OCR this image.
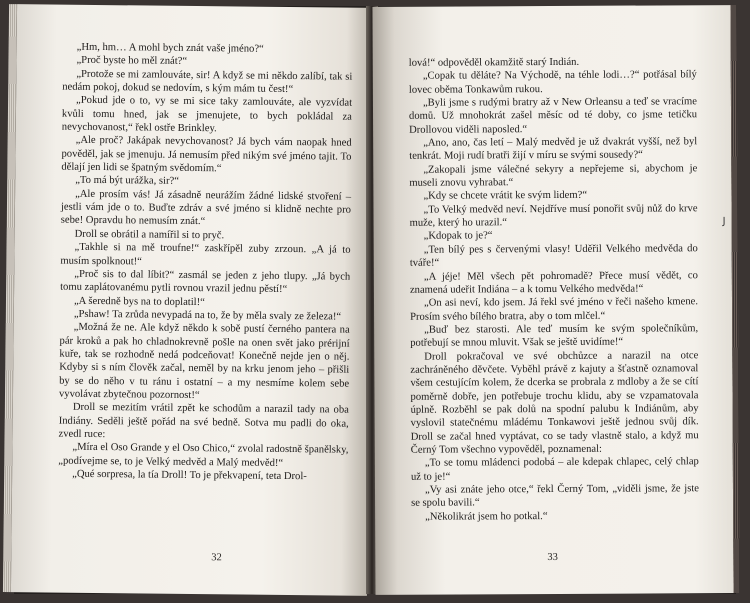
„Hm, hm… A mohl bych znát vaše jméno?“

„Proč byste ho měl znát?“

„Protože se mi zamlouváte, sir! A když se mi někdo zalíbí, tak si nedám pokoj, dokud se nedovím, s kým mám tu čest!“

„Pokud jde o to, vy se mi sice taky zamlouváte, ale vyzvídat kvůli tomu hned, jak se jmenujete, to bych pokládal za nevychovanost,“ řekl ostře Brinkley.

„Ale proč? Jakápak nevychovanost? Já bych vám naopak hned pověděl, jak se jmenuju. Já nemusím před nikým své jméno tajit. To dělají jen lidi se špatným svědomím.“

„To má být urážka, sir?“

„Ale prosím vás! Já zásadně neurážím žádné lidské stvoření – jestli vám jde o to. Buďte zdráv a své jméno si klidně nechte pro sebe! Opravdu ho nemusím znát.“

Droll se obrátil a namířil si to pryč.

„Takhle si na mě troufne!“ zaskřípěl zuby zrzoun. „A já to musím spolknout!“

„Proč sis to dal líbit?“ zasmál se jeden z jeho tlupy. „Já bych tomu zaplátovanému pytli rovnou vrazil jednu pěstí!“

„A šeredně bys na to doplatil!“

„Pshaw! Ta zrůda nevypadá na to, že by měla svaly ze železa!“

„Možná že ne. Ale když někdo k sobě pustí černého pantera na pár kroků a pak ho chladnokrevně pošle na onen svět jako prérijní kuře, tak se rozhodně nedá podceňovat! Konečně nejde jen o něj. Kdyby si s ním člověk začal, neměl by na krku jenom jeho – přišli by se do něho v tu ránu i ostatní – a my nesmíme kolem sebe vyvolávat zbytečnou pozornost!“

Droll se mezitím vrátil zpět ke schodům a narazil tady na oba Indiány. Seděli ještě pořád na své bedně. Sotva mu padli do oka, zvedl ruce:

„Míra el Oso Grande y el Oso Chico,“ zvolal radostně španělsky, „podívejme se, to je Velký medvěd a Malý medvěd!“

„Qué sorpresa, la tía Droll! To je překvapení, teta Drol-

32

lová!“ odpověděl okamžitě starý Indián.

„Copak tu děláte? Na Východě, na téhle lodi…?“ potřásal bílý lovec oběma Tonkawům rukou.

„Byli jsme s rudými bratry až v New Orleansu a teď se vracíme domů. Už mnohokrát zašel měsíc od té doby, co jsme tetičku Drollovou viděli naposled.“

„Ano, ano, čas letí – Malý medvěd je už dvakrát vyšší, než byl tenkrát. Moji rudí bratři žijí v míru se svými sousedy?“

„Zakopali jsme válečné sekyry a nepřejeme si, abychom je museli znovu vyhrabat.“

„Kdy se chcete vrátit ke svým lidem?“

„To Velký medvěd neví. Nejdříve musí ponořit svůj nůž do krve muže, který ho urazil.“

„Kdopak to je?“

„Ten bílý pes s červenými vlasy! Uděřil Velkého medvěda do tváře!“

„A jéje! Měl všech pět pohromadě? Přece musí vědět, co znamená udeřit Indiána – a k tomu Velkého medvěda!“

„On asi neví, kdo jsem. Já řekl své jméno v řeči našeho kmene. Prosím svého bílého bratra, aby o tom mlčel.“

„Buď bez starosti. Ale teď musím ke svým společníkům, potřebují se mnou mluvit. Však se ještě uvidíme!“

Droll pokračoval ve své obchůzce a narazil na otce zachráněného děvčete. Vyběhl právě z kajuty a šťastně oznamoval všem cestujícím kolem, že dcerka se probrala z mdloby a že se cítí poměrně dobře, jen potřebuje trochu klidu, aby se vzpamatovala úplně. Rozběhl se pak dolů na spodní palubu k Indiánům, aby vyslovil statečnému mládému Tonkawovi ještě jednou svůj dík. Droll se začal hned vyptávat, co se tady vlastně stalo, a když mu Černý Tom všechno vypověděl, poznamenal:

„To se tomu mládenci podobá – ale kdepak chlapec, celý chlap už to je!“

„Vy asi znáte jeho otce,“ řekl Černý Tom, „viděli jsme, že jste se spolu bavili.“

„Několikrát jsem ho potkal.“

J
33
